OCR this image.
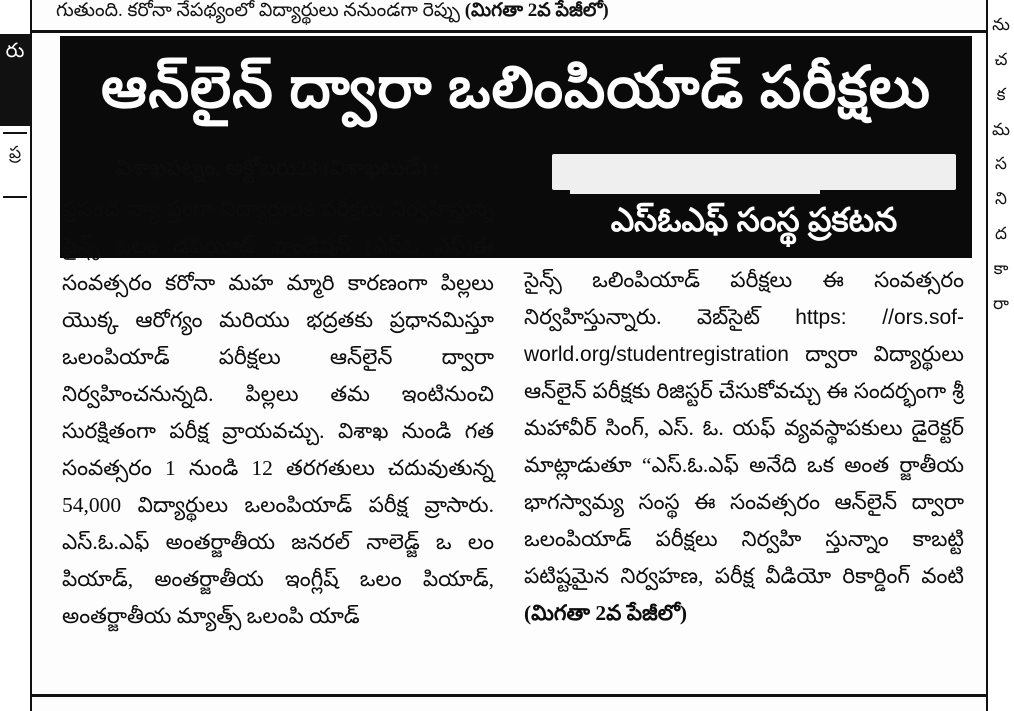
రు
ప్ర
గుతుంది. కరోనా నేపథ్యంలో విద్యార్థులు ననుండగా రెప్పు (మిగతా 2వ పేజీలో)
ఆన్‌లైన్ ద్వారా ఒలింపియాడ్ పరీక్షలు
ఎస్‌ఓఎఫ్ సంస్థ ప్రకటన
విశాఖపట్నం, అక్టోబరు23 (విశాఖటుడే) :
ప్రపంచ వ్యా ప్తంగా విద్యార్థులకి పరీక్షలు నిర్వహిస్తున్న సైన్స్ ఒలం డపియాడ్ ఫౌండేషన్ (ఎస్‌ఓ ఎఫ్)ఈ సంవత్సరం కరోనా మహ మ్మారి కారణంగా పిల్లలు యొక్క ఆరోగ్యం మరియు భద్రతకు ప్రధానమిస్తూ ఒలంపియాడ్ పరీక్షలు ఆన్‌లైన్ ద్వారా నిర్వహించనున్నది. పిల్లలు తమ ఇంటినుంచి సురక్షితంగా పరీక్ష వ్రాయవచ్చు. విశాఖ నుండి గత సంవత్సరం 1 నుండి 12 తరగతులు చదువుతున్న 54,000 విద్యార్థులు ఒలంపియాడ్ పరీక్ష వ్రాసారు. ఎస్.ఓ.ఎఫ్ అంతర్జాతీయ జనరల్ నాలెడ్జ్ ఒ లం పియాడ్, అంతర్జాతీయ ఇంగ్లీష్ ఒలం పియాడ్, అంతర్జాతీయ మ్యాత్స్ ఒలంపి యాడ్
సైన్స్ ఒలింపియాడ్ పరీక్షలు ఈ సంవత్సరం నిర్వహిస్తున్నారు. వెబ్‌సైట్ https: //ors.sof-world.org/studentregistration ద్వారా విద్యార్థులు ఆన్‌లైన్ పరీక్షకు రిజిస్టర్ చేసుకోవచ్చు ఈ సందర్భంగా శ్రీ మహావీర్ సింగ్, ఎస్. ఓ. యఫ్ వ్యవస్థాపకులు డైరెక్టర్ మాట్లాడుతూ “ఎస్.ఓ.ఎఫ్ అనేది ఒక అంత ర్జాతీయ భాగస్వామ్య సంస్థ ఈ సంవత్సరం ఆన్‌లైన్ ద్వారా ఒలంపియాడ్ పరీక్షలు నిర్వహి స్తున్నాం కాబట్టి పటిష్టమైన నిర్వహణ, పరీక్ష వీడియో రికార్డింగ్ వంటి (మిగతా 2వ పేజీలో)
ను చ క మ స ని ద కా రా
